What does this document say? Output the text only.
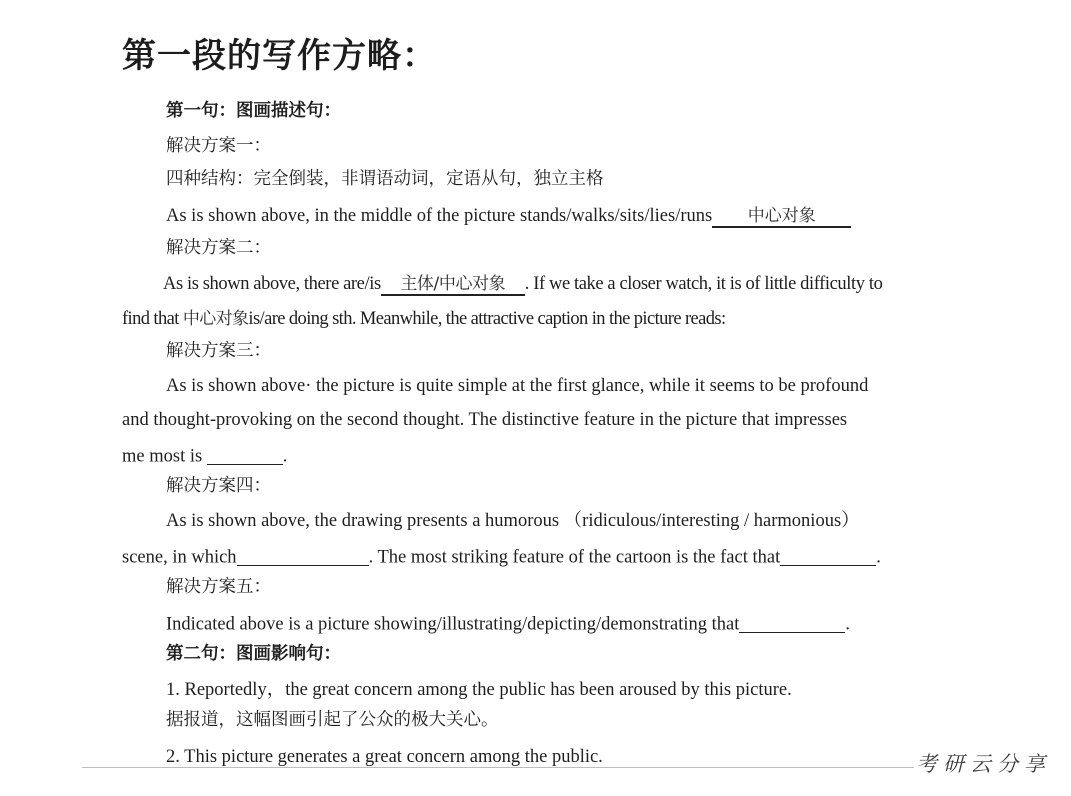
第一段的写作方略：
第一句：图画描述句：
解决方案一：
四种结构：完全倒装，非谓语动词，定语从句，独立主格
As is shown above, in the middle of the picture stands/walks/sits/lies/runs 中心对象
解决方案二：
As is shown above, there are/is 主体/中心对象 . If we take a closer watch, it is of little difficulty to
find that 中心对象is/are doing sth. Meanwhile, the attractive caption in the picture reads:
解决方案三：
As is shown above· the picture is quite simple at the first glance, while it seems to be profound
and thought-provoking on the second thought. The distinctive feature in the picture that impresses
me most is	.
解决方案四：
As is shown above, the drawing presents a humorous （ridiculous/interesting / harmonious）
scene, in which	. The most striking feature of the cartoon is the fact that	.
解决方案五：
Indicated above is a picture showing/illustrating/depicting/demonstrating that	.
第二句：图画影响句：
1. Reportedly，the great concern among the public has been aroused by this picture.
据报道，这幅图画引起了公众的极大关心。
2. This picture generates a great concern among the public.	考研云分享
